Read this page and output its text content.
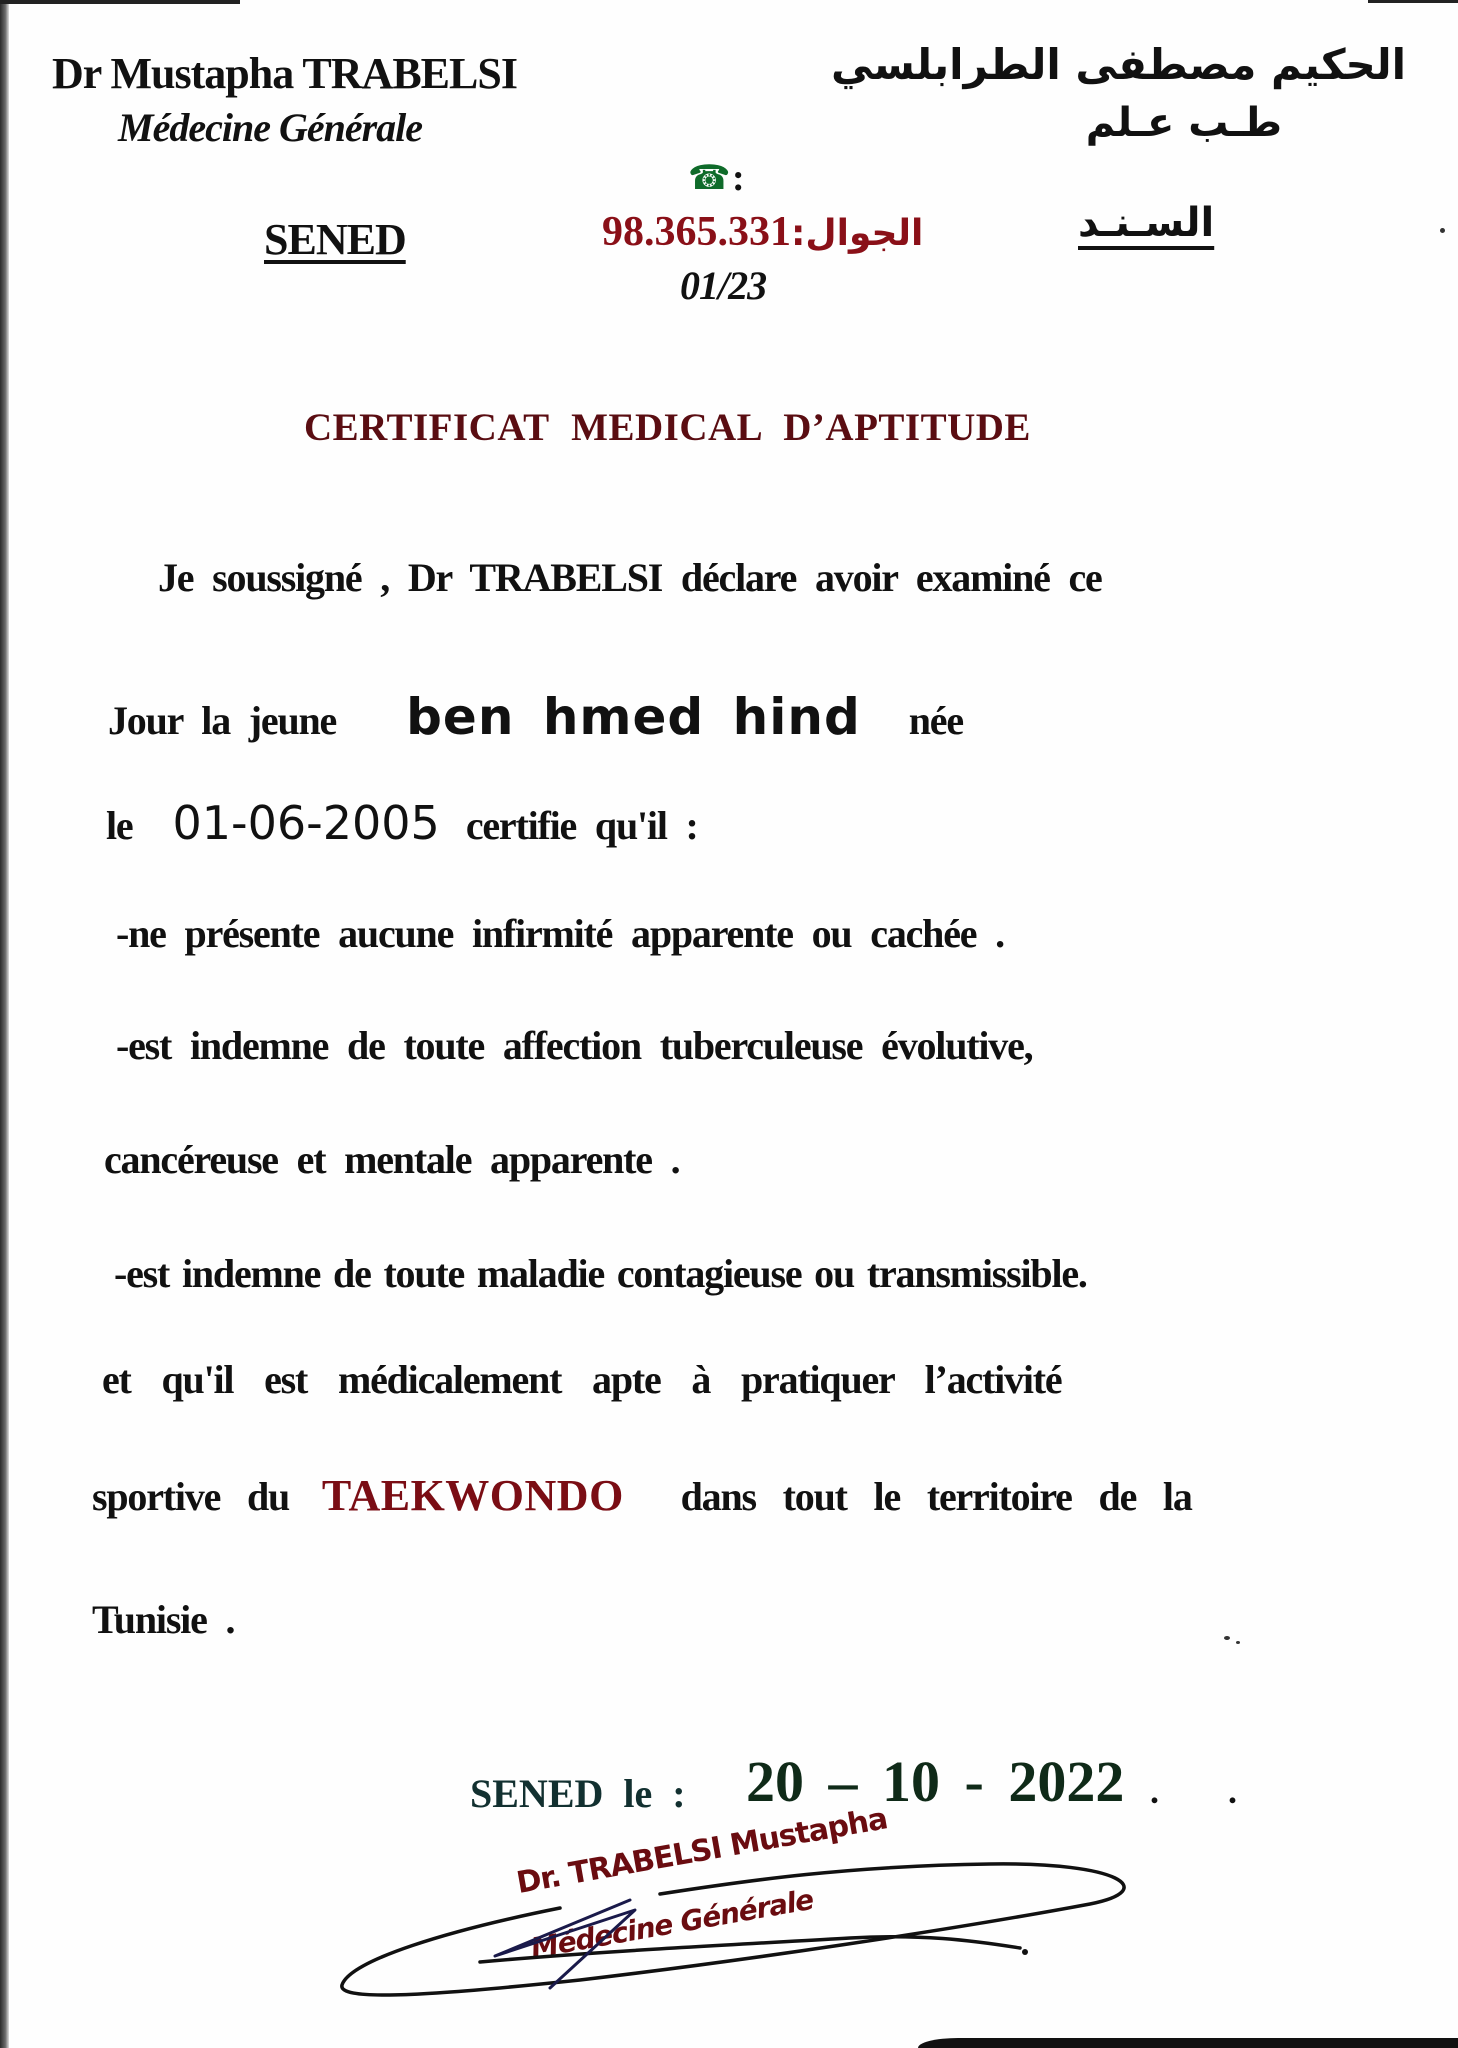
Dr Mustapha TRABELSI
Médecine Générale
الحكيم مصطفى الطرابلسي
طـب عـلم
☎ :
SENED	98.365.331:الجوال
01/23
السـنـد
CERTIFICAT MEDICAL D’APTITUDE
Je soussigné , Dr TRABELSI déclare avoir examiné ce
Jour la jeune ben hmed hind née
le 01-06-2005 certifie qu'il :
-ne présente aucune infirmité apparente ou cachée .
-est indemne de toute affection tuberculeuse évolutive,
cancéreuse et mentale apparente .
-est indemne de toute maladie contagieuse ou transmissible.
et qu'il est médicalement apte à pratiquer l’activité
sportive du TAEKWONDO dans tout le territoire de la
Tunisie .
SENED le : 20 – 10 - 2022 . .
Dr. TRABELSI Mustapha
Médecine Générale
